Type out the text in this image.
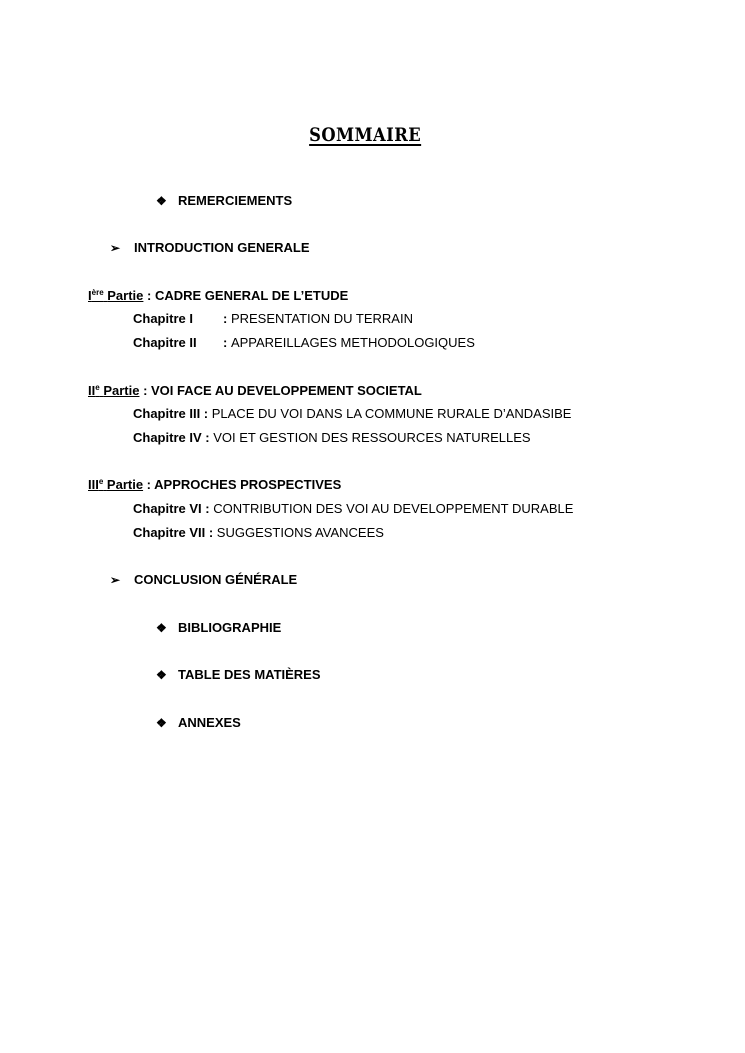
SOMMAIRE
❖ REMERCIEMENTS
➢ INTRODUCTION GENERALE
Ière Partie : CADRE GENERAL DE L’ETUDE
Chapitre I : PRESENTATION DU TERRAIN
Chapitre II : APPAREILLAGES METHODOLOGIQUES
IIe Partie : VOI FACE AU DEVELOPPEMENT SOCIETAL
Chapitre III : PLACE DU VOI DANS LA COMMUNE RURALE D’ANDASIBE
Chapitre IV : VOI ET GESTION DES RESSOURCES NATURELLES
IIIe Partie : APPROCHES PROSPECTIVES
Chapitre VI : CONTRIBUTION DES VOI AU DEVELOPPEMENT DURABLE
Chapitre VII : SUGGESTIONS AVANCEES
➢ CONCLUSION GÉNÉRALE
❖ BIBLIOGRAPHIE
❖ TABLE DES MATIÈRES
❖ ANNEXES
